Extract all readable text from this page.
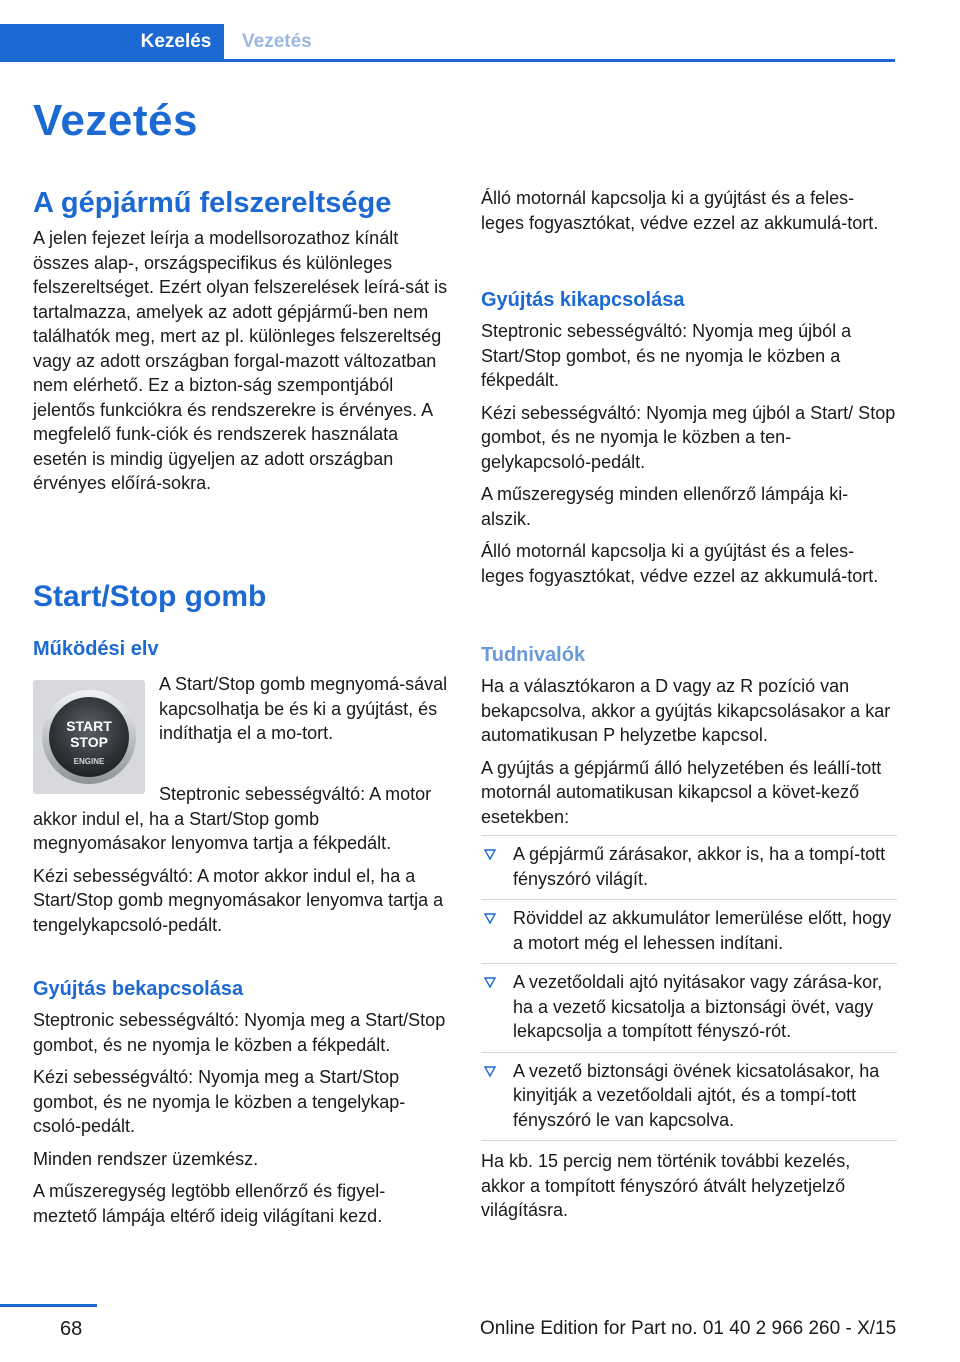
Kezelés	Vezetés
Vezetés
A gépjármű felszereltsége

A jelen fejezet leírja a modellsorozathoz kínált összes alap-, országspecifikus és különleges felszereltséget. Ezért olyan felszerelések leírá‐sát is tartalmazza, amelyek az adott gépjármű‐ben nem találhatók meg, mert az pl. különleges felszereltség vagy az adott országban forgal‐mazott változatban nem elérhető. Ez a bizton‐ság szempontjából jelentős funkciókra és rendszerekre is érvényes. A megfelelő funk‐ciók és rendszerek használata esetén is mindig ügyeljen az adott országban érvényes előírá‐sokra.

Start/Stop gomb
Működési elv
START
STOP
ENGINE

A Start/Stop gomb megnyomá‐sával kapcsolhatja be és ki a gyújtást, és indíthatja el a mo‐tort.

Steptronic sebességváltó: A motor akkor indul el, ha a Start/Stop gomb megnyomásakor lenyomva tartja a fékpedált.

Kézi sebességváltó: A motor akkor indul el, ha a Start/Stop gomb megnyomásakor lenyomva tartja a tengelykapcsoló-pedált.

Gyújtás bekapcsolása

Steptronic sebességváltó: Nyomja meg a Start/Stop gombot, és ne nyomja le közben a fékpedált.

Kézi sebességváltó: Nyomja meg a Start/Stop gombot, és ne nyomja le közben a tengelykap‐csoló-pedált.

Minden rendszer üzemkész.

A műszeregység legtöbb ellenőrző és figyel‐meztető lámpája eltérő ideig világítani kezd.

Álló motornál kapcsolja ki a gyújtást és a feles‐leges fogyasztókat, védve ezzel az akkumulá‐tort.

Gyújtás kikapcsolása

Steptronic sebességváltó: Nyomja meg újból a Start/Stop gombot, és ne nyomja le közben a fékpedált.

Kézi sebességváltó: Nyomja meg újból a Start/ Stop gombot, és ne nyomja le közben a ten‐gelykapcsoló-pedált.

A műszeregység minden ellenőrző lámpája ki‐alszik.

Álló motornál kapcsolja ki a gyújtást és a feles‐leges fogyasztókat, védve ezzel az akkumulá‐tort.

Tudnivalók

Ha a választókaron a D vagy az R pozíció van bekapcsolva, akkor a gyújtás kikapcsolásakor a kar automatikusan P helyzetbe kapcsol.

A gyújtás a gépjármű álló helyzetében és leállí‐tott motornál automatikusan kikapcsol a követ‐kező esetekben:

A gépjármű zárásakor, akkor is, ha a tompí‐tott fényszóró világít.
Röviddel az akkumulátor lemerülése előtt, hogy a motort még el lehessen indítani.
A vezetőoldali ajtó nyitásakor vagy zárása‐kor, ha a vezető kicsatolja a biztonsági övét, vagy lekapcsolja a tompított fényszó‐rót.
A vezető biztonsági övének kicsatolásakor, ha kinyitják a vezetőoldali ajtót, és a tompí‐tott fényszóró le van kapcsolva.

Ha kb. 15 percig nem történik további kezelés, akkor a tompított fényszóró átvált helyzetjelző világításra.

68	Online Edition for Part no. 01 40 2 966 260 - X/15
